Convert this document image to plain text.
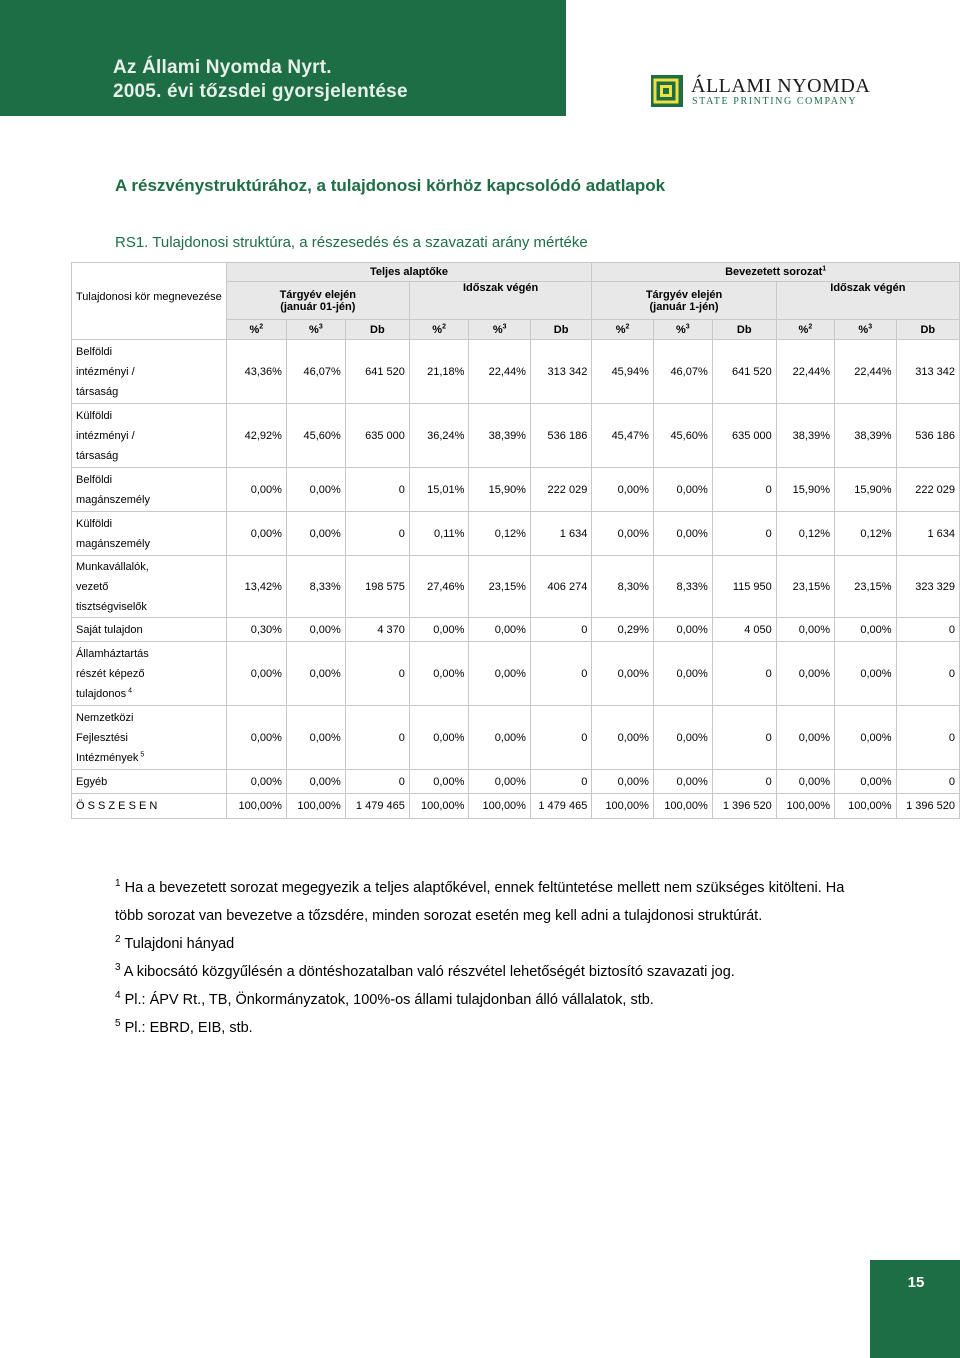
Az Állami Nyomda Nyrt.
2005. évi tőzsdei gyorsjelentése	ÁLLAMI NYOMDA
STATE PRINTING COMPANY
A részvénystruktúrához, a tulajdonosi körhöz kapcsolódó adatlapok
RS1. Tulajdonosi struktúra, a részesedés és a szavazati arány mértéke
Tulajdonosi kör megnevezése	Teljes alaptőke						Bevezetett sorozat$^1$
	Tárgyév elején
(január 01-jén)			Időszak végén			Tárgyév elején
(január 1-jén)			Időszak végén		
	%$^2$	%$^3$	Db	%$^2$	%$^3$	Db	%$^2$	%$^3$	Db	%$^2$	%$^3$	Db
Belföldi
intézményi /
társaság	43,36%	46,07%	641 520	21,18%	22,44%	313 342	45,94%	46,07%	641 520	22,44%	22,44%	313 342
Külföldi
intézményi /
társaság	42,92%	45,60%	635 000	36,24%	38,39%	536 186	45,47%	45,60%	635 000	38,39%	38,39%	536 186
Belföldi
magánszemély	0,00%	0,00%	0	15,01%	15,90%	222 029	0,00%	0,00%	0	15,90%	15,90%	222 029
Külföldi
magánszemély	0,00%	0,00%	0	0,11%	0,12%	1 634	0,00%	0,00%	0	0,12%	0,12%	1 634
Munkavállalók,
vezető
tisztségviselők	13,42%	8,33%	198 575	27,46%	23,15%	406 274	8,30%	8,33%	115 950	23,15%	23,15%	323 329
Saját tulajdon	0,30%	0,00%	4 370	0,00%	0,00%	0	0,29%	0,00%	4 050	0,00%	0,00%	0
Államháztartás
részét képező
tulajdonos $^4$	0,00%	0,00%	0	0,00%	0,00%	0	0,00%	0,00%	0	0,00%	0,00%	0
Nemzetközi
Fejlesztési
Intézmények $^5$	0,00%	0,00%	0	0,00%	0,00%	0	0,00%	0,00%	0	0,00%	0,00%	0
Egyéb	0,00%	0,00%	0	0,00%	0,00%	0	0,00%	0,00%	0	0,00%	0,00%	0
Ö S S Z E S E N	100,00%	100,00%	1 479 465	100,00%	100,00%	1 479 465	100,00%	100,00%	1 396 520	100,00%	100,00%	1 396 520

$^1$ Ha a bevezetett sorozat megegyezik a teljes alaptőkével, ennek feltüntetése mellett nem szükséges kitölteni. Ha több sorozat van bevezetve a tőzsdére, minden sorozat esetén meg kell adni a tulajdonosi struktúrát.

$^2$ Tulajdoni hányad

$^3$ A kibocsátó közgyűlésén a döntéshozatalban való részvétel lehetőségét biztosító szavazati jog.

$^4$ Pl.: ÁPV Rt., TB, Önkormányzatok, 100%-os állami tulajdonban álló vállalatok, stb.

$^5$ Pl.: EBRD, EIB, stb.

15
